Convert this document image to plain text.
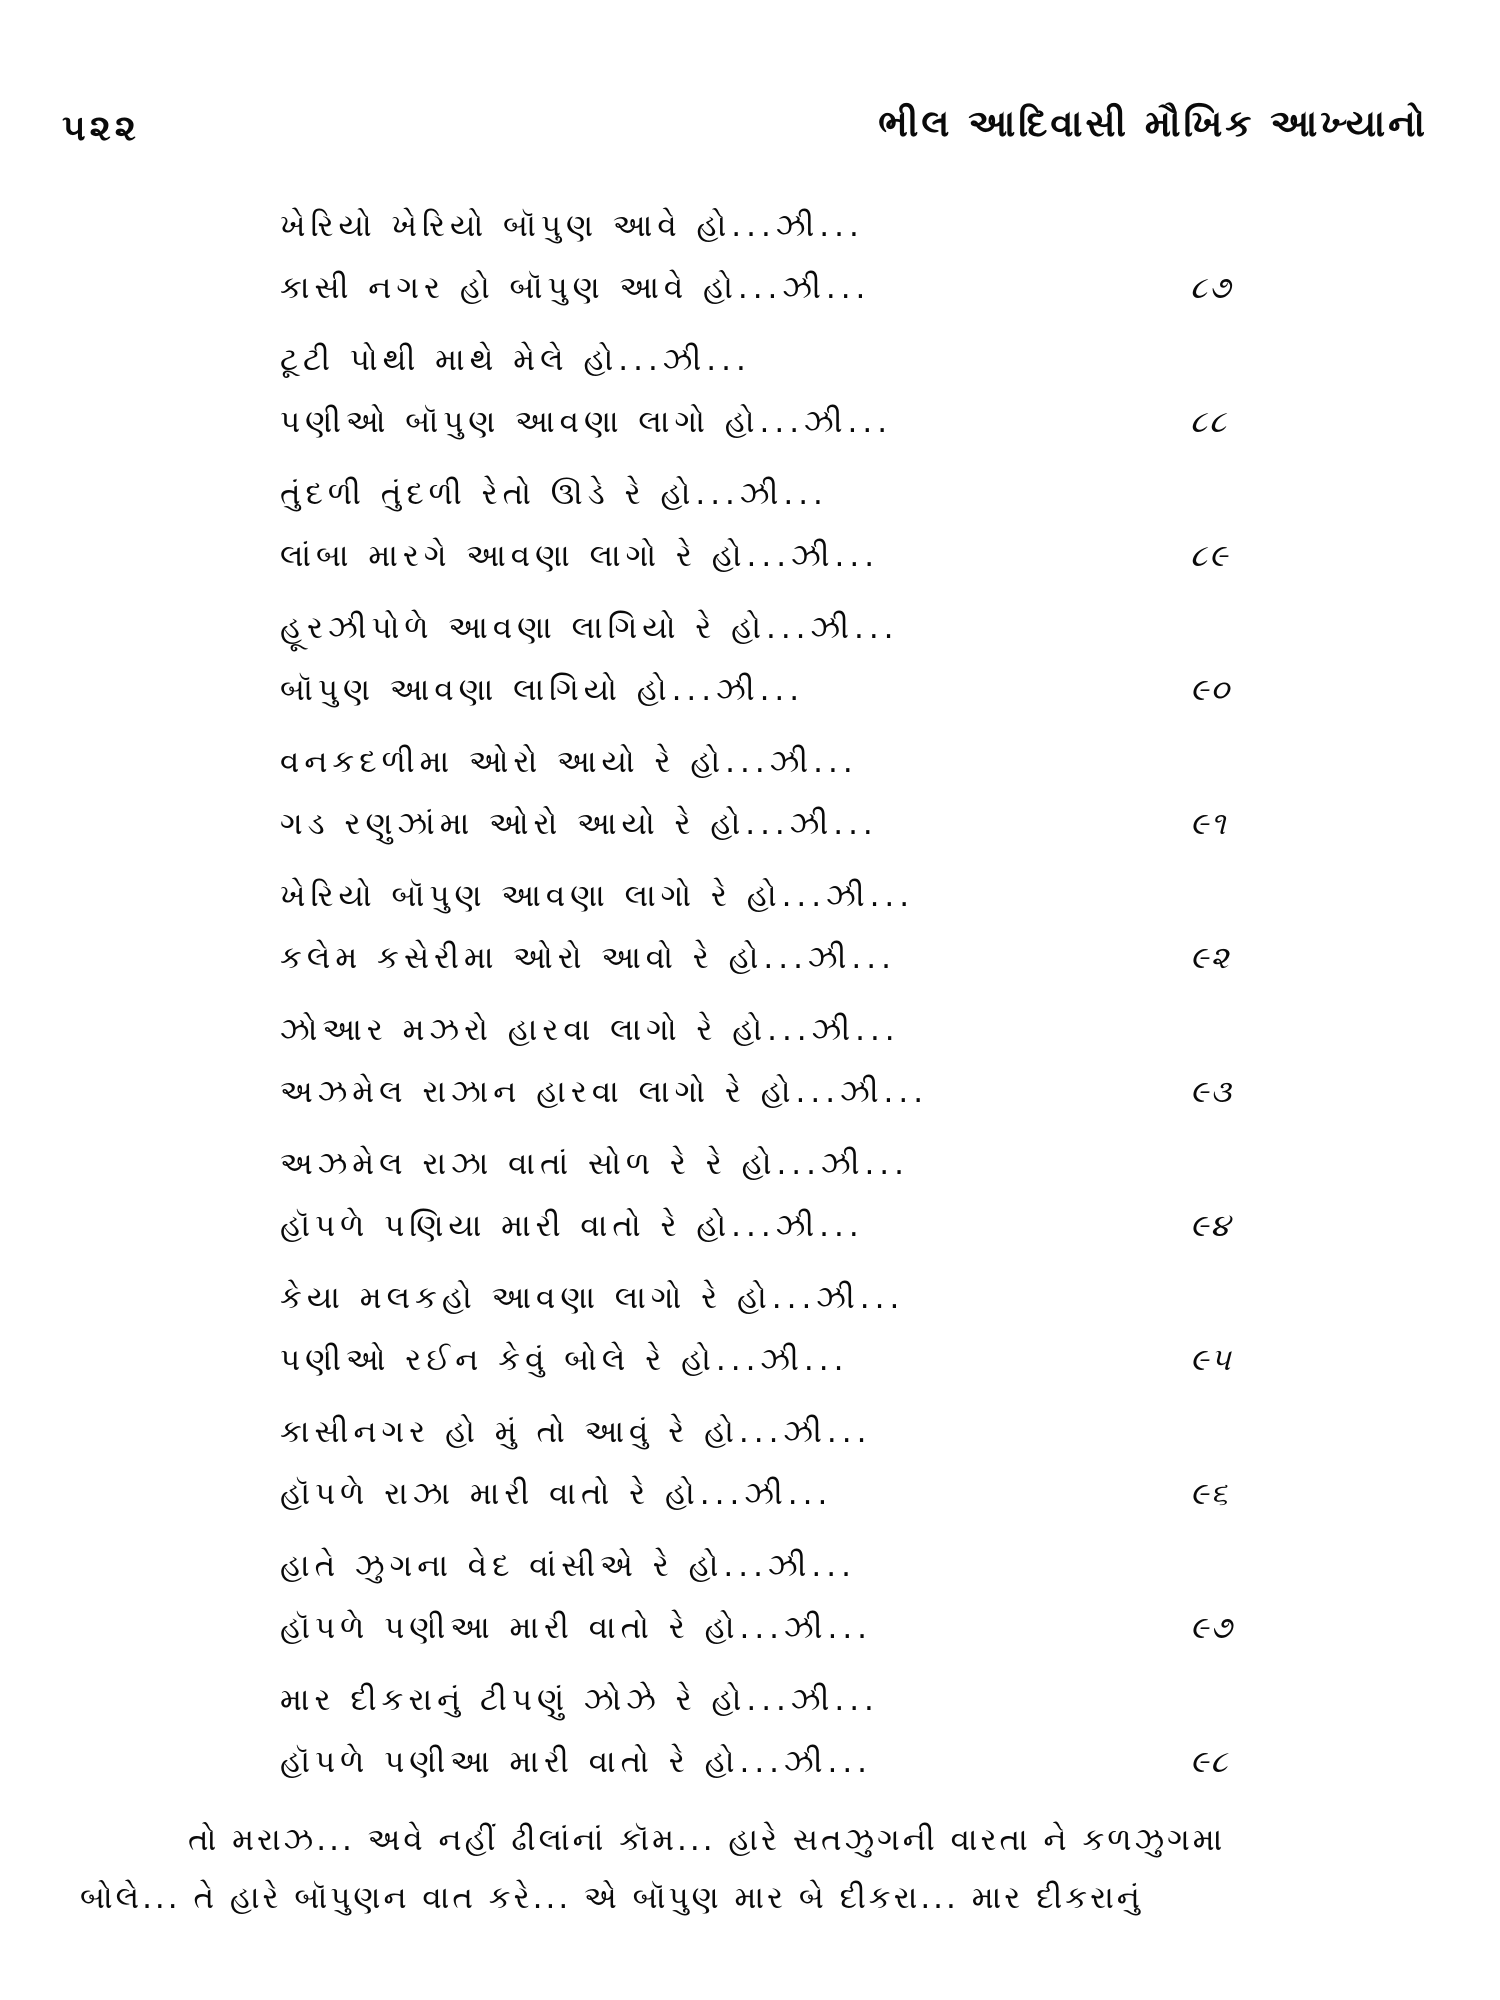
૫૨૨	ભીલ આદિવાસી મૌખિક આખ્યાનો
ખેરિયો ખેરિયો બૉપુણ આવે હો...ઝી...
કાસી નગર હો બૉપુણ આવે હો...ઝી...	૮૭
ટૂટી પોથી માથે મેલે હો...ઝી...
પણીઓ બૉપુણ આવણા લાગો હો...ઝી...	૮૮
તુંદળી તુંદળી રેતો ઊડે રે હો...ઝી...
લાંબા મારગે આવણા લાગો રે હો...ઝી...	૮૯
હૂરઝીપોળે આવણા લાગિયો રે હો...ઝી...
બૉપુણ આવણા લાગિયો હો...ઝી...	૯૦
વનકદળીમા ઓરો આયો રે હો...ઝી...
ગડ રણુઝાંમા ઓરો આયો રે હો...ઝી...	૯૧
ખેરિયો બૉપુણ આવણા લાગો રે હો...ઝી...
કલેમ કસેરીમા ઓરો આવો રે હો...ઝી...	૯૨
ઝોઆર મઝરો હારવા લાગો રે હો...ઝી...
અઝમેલ રાઝાન હારવા લાગો રે હો...ઝી...	૯૩
અઝમેલ રાઝા વાતાં સોળ રે રે હો...ઝી...
હૉપળે પણિયા મારી વાતો રે હો...ઝી...	૯૪
કેયા મલકહો આવણા લાગો રે હો...ઝી...
પણીઓ રઈન કેવું બોલે રે હો...ઝી...	૯૫
કાસીનગર હો મું તો આવું રે હો...ઝી...
હૉપળે રાઝા મારી વાતો રે હો...ઝી...	૯૬
હાતે ઝુગના વેદ વાંસીએ રે હો...ઝી...
હૉપળે પણીઆ મારી વાતો રે હો...ઝી...	૯૭
માર દીકરાનું ટીપણું ઝોઝે રે હો...ઝી...
હૉપળે પણીઆ મારી વાતો રે હો...ઝી...	૯૮
તો મરાઝ... અવે નહીં ઢીલાંનાં કૉમ... હારે સતઝુગની વારતા ને કળઝુગમા
બોલે... તે હારે બૉપુણન વાત કરે... એ બૉપુણ માર બે દીકરા... માર દીકરાનું
